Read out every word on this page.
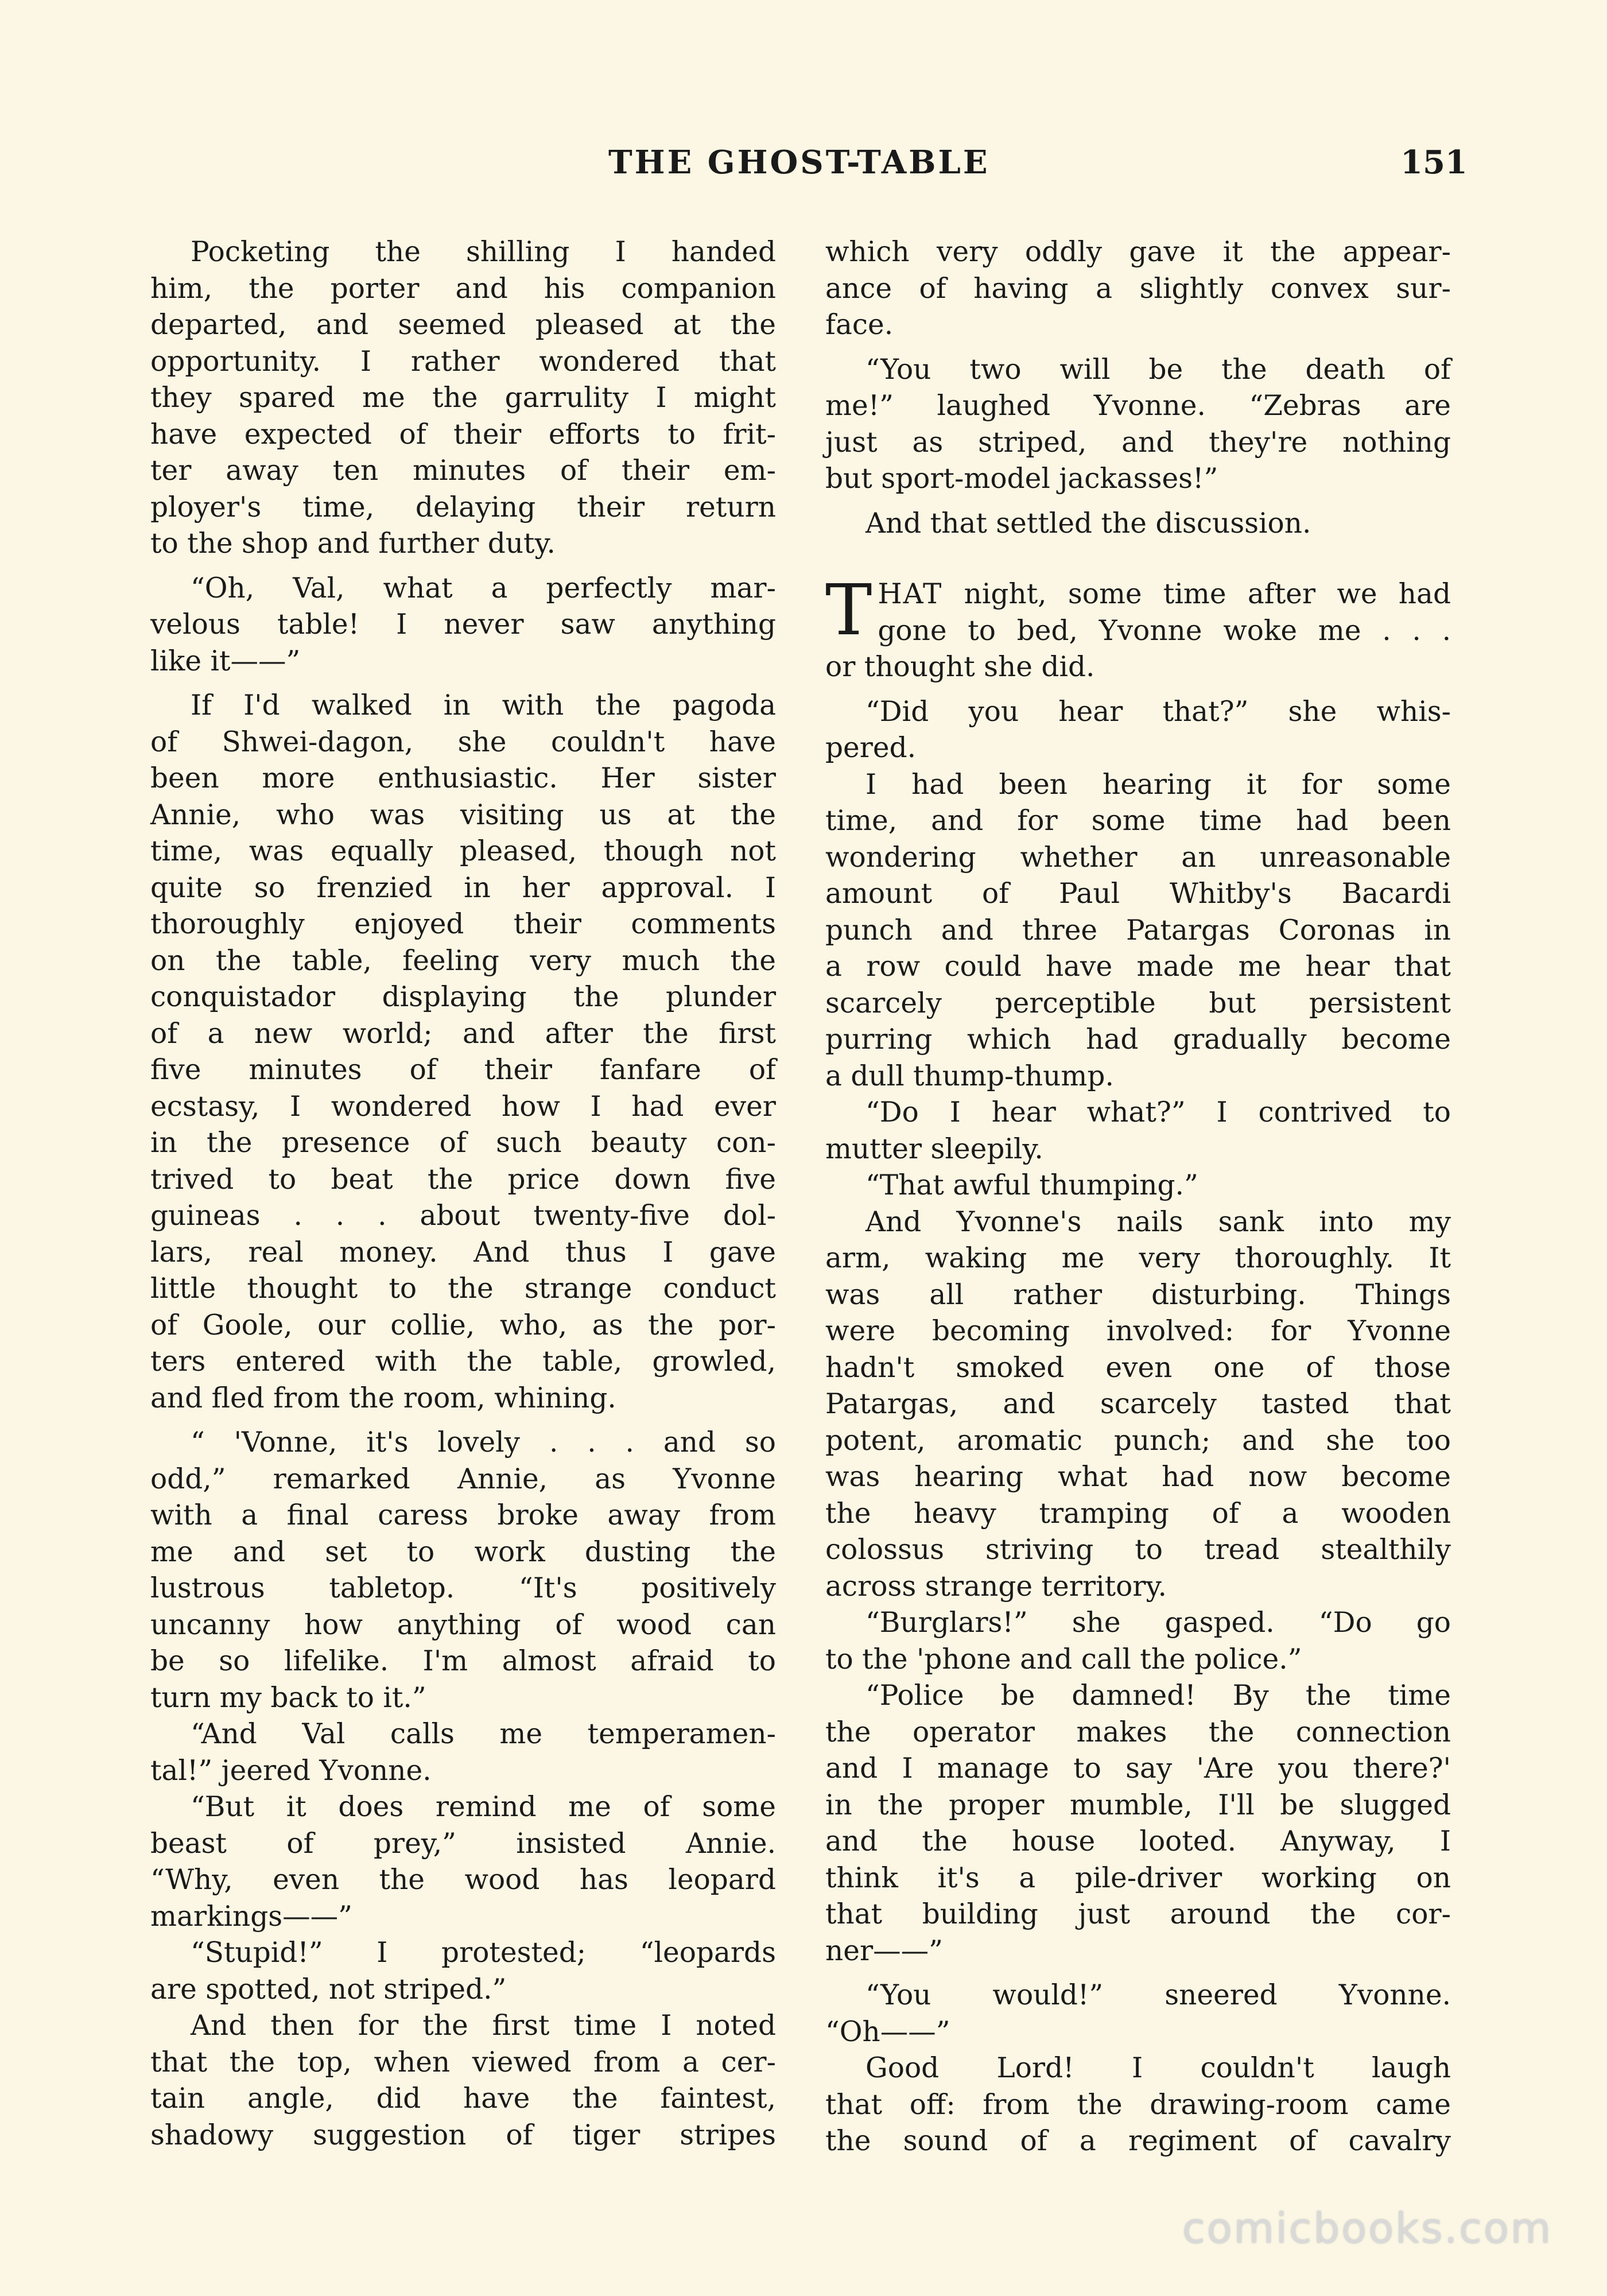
THE GHOST-TABLE	151
Pocketing the shilling I handed
him, the porter and his companion
departed, and seemed pleased at the
opportunity. I rather wondered that
they spared me the garrulity I might
have expected of their efforts to frit-
ter away ten minutes of their em-
ployer's time, delaying their return
to the shop and further duty.
“Oh, Val, what a perfectly mar-
velous table! I never saw anything
like it——”
If I'd walked in with the pagoda
of Shwei-dagon, she couldn't have
been more enthusiastic. Her sister
Annie, who was visiting us at the
time, was equally pleased, though not
quite so frenzied in her approval. I
thoroughly enjoyed their comments
on the table, feeling very much the
conquistador displaying the plunder
of a new world; and after the first
five minutes of their fanfare of
ecstasy, I wondered how I had ever
in the presence of such beauty con-
trived to beat the price down five
guineas . . . about twenty-five dol-
lars, real money. And thus I gave
little thought to the strange conduct
of Goole, our collie, who, as the por-
ters entered with the table, growled,
and fled from the room, whining.
“ 'Vonne, it's lovely . . . and so
odd,” remarked Annie, as Yvonne
with a final caress broke away from
me and set to work dusting the
lustrous tabletop. “It's positively
uncanny how anything of wood can
be so lifelike. I'm almost afraid to
turn my back to it.”
“And Val calls me temperamen-
tal!” jeered Yvonne.
“But it does remind me of some
beast of prey,” insisted Annie.
“Why, even the wood has leopard
markings——”
“Stupid!” I protested; “leopards
are spotted, not striped.”
And then for the first time I noted
that the top, when viewed from a cer-
tain angle, did have the faintest,
shadowy suggestion of tiger stripes
which very oddly gave it the appear-
ance of having a slightly convex sur-
face.
“You two will be the death of
me!” laughed Yvonne. “Zebras are
just as striped, and they're nothing
but sport-model jackasses!”
And that settled the discussion.
T HAT night, some time after we had
gone to bed, Yvonne woke me . . .
or thought she did.
“Did you hear that?” she whis-
pered.
I had been hearing it for some
time, and for some time had been
wondering whether an unreasonable
amount of Paul Whitby's Bacardi
punch and three Patargas Coronas in
a row could have made me hear that
scarcely perceptible but persistent
purring which had gradually become
a dull thump-thump.
“Do I hear what?” I contrived to
mutter sleepily.
“That awful thumping.”
And Yvonne's nails sank into my
arm, waking me very thoroughly. It
was all rather disturbing. Things
were becoming involved: for Yvonne
hadn't smoked even one of those
Patargas, and scarcely tasted that
potent, aromatic punch; and she too
was hearing what had now become
the heavy tramping of a wooden
colossus striving to tread stealthily
across strange territory.
“Burglars!” she gasped. “Do go
to the 'phone and call the police.”
“Police be damned! By the time
the operator makes the connection
and I manage to say 'Are you there?'
in the proper mumble, I'll be slugged
and the house looted. Anyway, I
think it's a pile-driver working on
that building just around the cor-
ner——”
“You would!” sneered Yvonne.
“Oh——”
Good Lord! I couldn't laugh
that off: from the drawing-room came
the sound of a regiment of cavalry
comicbooks.com
